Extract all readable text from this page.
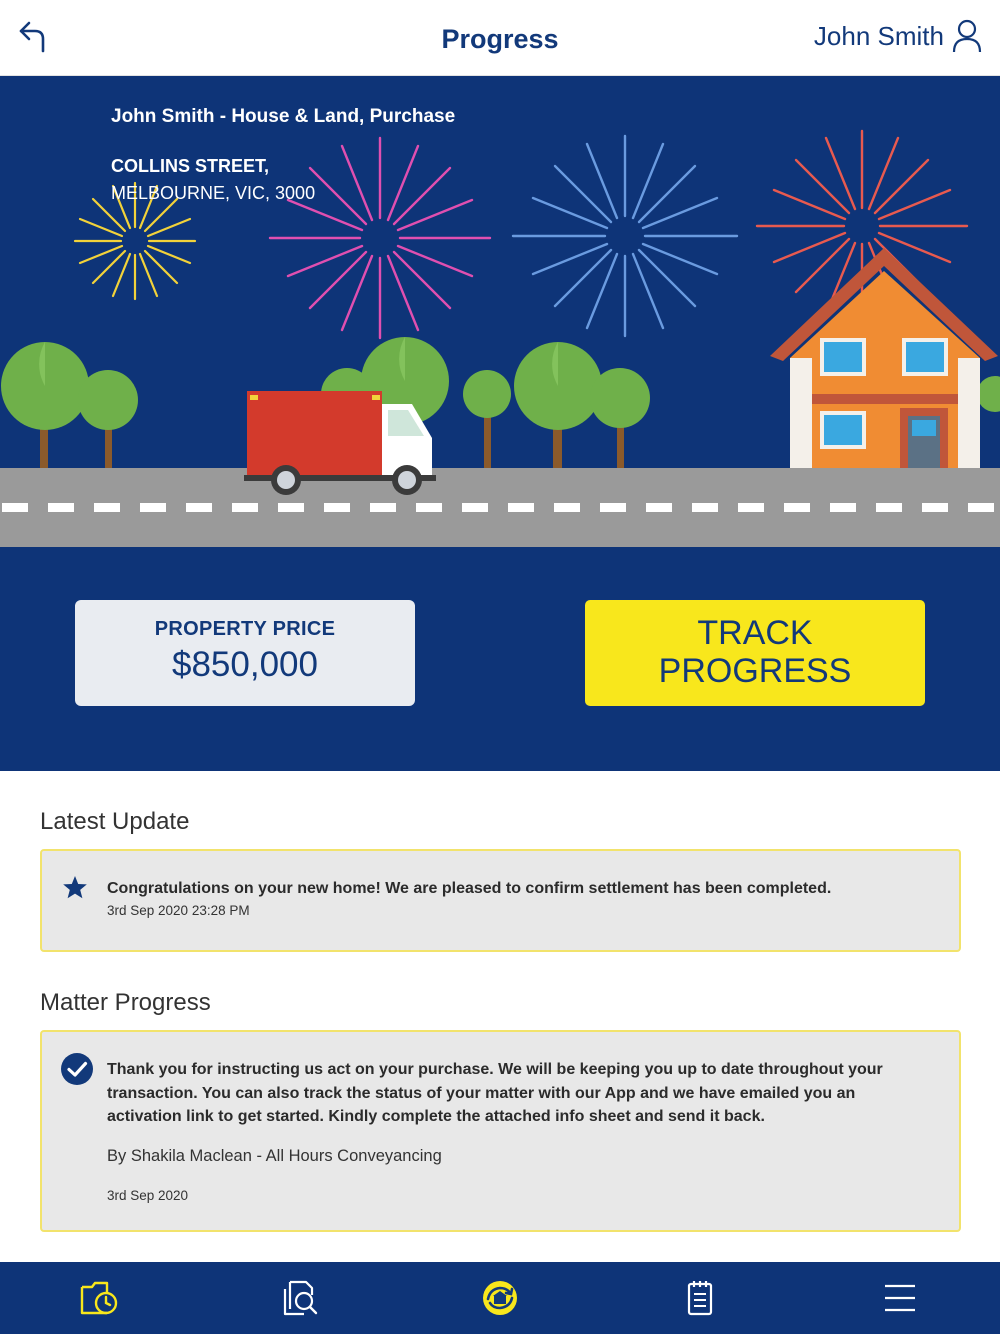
Progress	John Smith
John Smith - House & Land, Purchase
COLLINS STREET,
MELBOURNE, VIC, 3000
PROPERTY PRICE
$850,000
TRACK
PROGRESS
Latest Update
Congratulations on your new home! We are pleased to confirm settlement has been completed.
3rd Sep 2020 23:28 PM
Matter Progress
Thank you for instructing us act on your purchase. We will be keeping you up to date throughout your
transaction. You can also track the status of your matter with our App and we have emailed you an
activation link to get started. Kindly complete the attached info sheet and send it back.
By Shakila Maclean - All Hours Conveyancing
3rd Sep 2020
